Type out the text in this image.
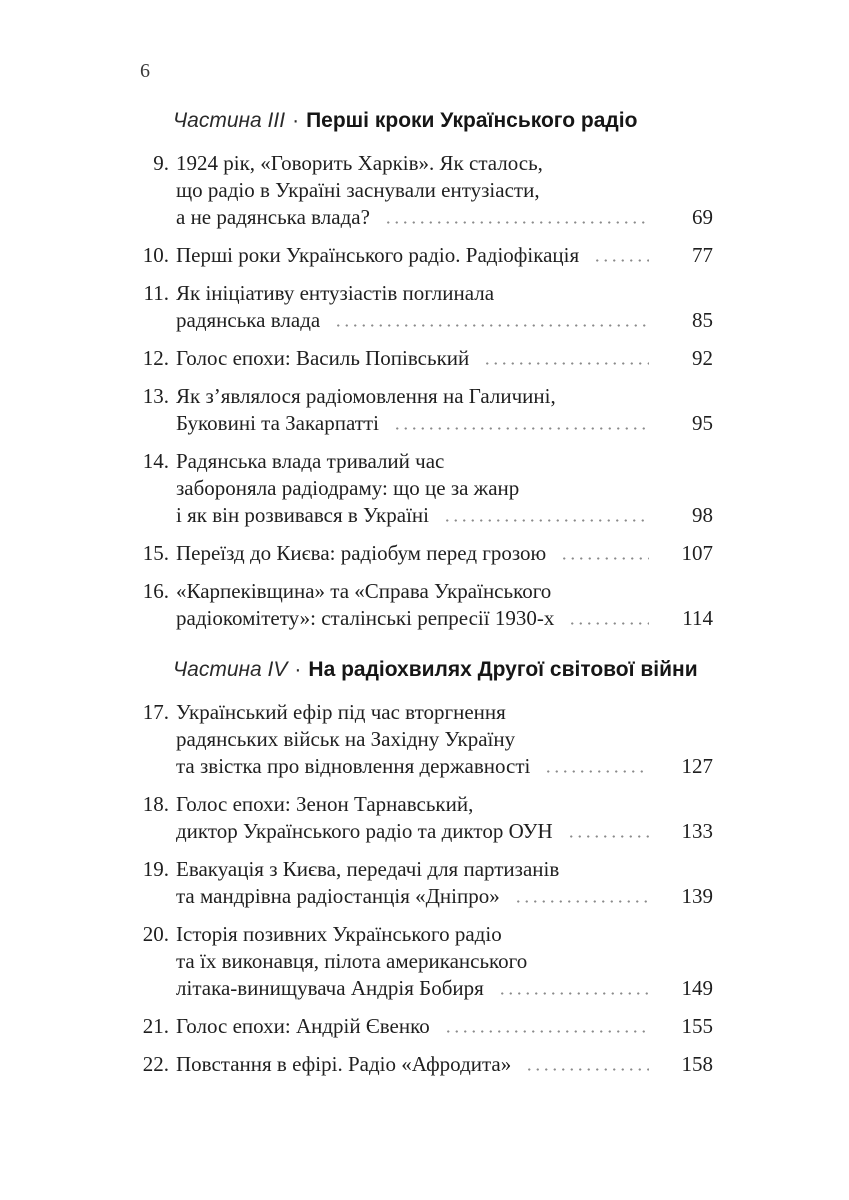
6
Частина III · Перші кроки Українського радіо
9. 1924 рік, «Говорить Харків». Як сталось,
що радіо в Україні заснували ентузіасти,
а не радянська влада?	69
10. Перші роки Українського радіо. Радіофікація	77
11. Як ініціативу ентузіастів поглинала
радянська влада	85
12. Голос епохи: Василь Попівський	92
13. Як з’являлося радіомовлення на Галичині,
Буковині та Закарпатті	95
14. Радянська влада тривалий час
забороняла радіодраму: що це за жанр
і як він розвивався в Україні	98
15. Переїзд до Києва: радіобум перед грозою	107
16. «Карпеківщина» та «Справа Українського
радіокомітету»: сталінські репресії 1930-х	114
Частина IV · На радіохвилях Другої світової війни
17. Український ефір під час вторгнення
радянських військ на Західну Україну
та звістка про відновлення державності	127
18. Голос епохи: Зенон Тарнавський,
диктор Українського радіо та диктор ОУН	133
19. Евакуація з Києва, передачі для партизанів
та мандрівна радіостанція «Дніпро»	139
20. Історія позивних Українського радіо
та їх виконавця, пілота американського
літака-винищувача Андрія Бобиря	149
21. Голос епохи: Андрій Євенко	155
22. Повстання в ефірі. Радіо «Афродита»	158
